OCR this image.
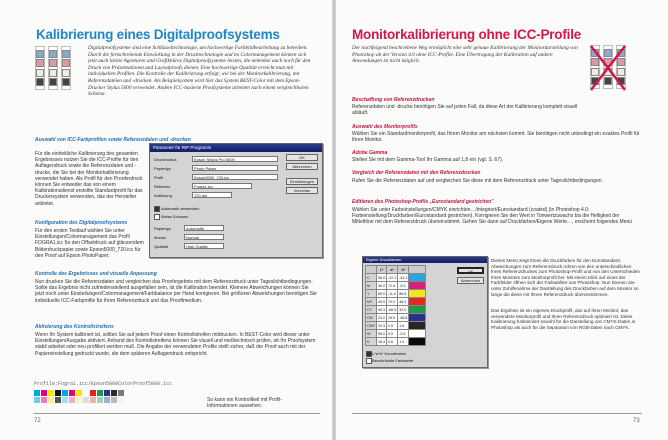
Kalibrierung eines Digitalproofsystems

Digitalproofsysteme sind eine Schlüsseltechnologie, um hochwertige Farbbildbearbeitung zu betreiben. Durch die fortschreitende Entwicklung in der Drucktechnologie und im Colormanagement können sich jetzt auch kleine Agenturen und Grafikbüros Digitalproofsysteme leisten, die nebenbei auch noch für den Druck von Präsentationen und Layoutproofs dienen. Eine hochwertige Qualität erreicht man mit individuellen Profilen. Die Kontrolle der Kalibrierung erfolgt, wie bei der Monitorkalibrierung, mit Referenzdateien und -drucken. Als Beispielsystem wird hier das System BEST-Color mit dem Epson-Drucker Stylus 5000 verwendet. Andere ICC-basierte Proofsysteme arbeiten nach einem vergleichbaren Schema.

Auswahl von ICC-Farbprofilen sowie Referenzdaten und -drucken

Für die einheitliche Kalibrierung des gesamten Ergebnisses nutzen Sie die ICC-Profile für den Auflagendruck sowie die Referenzdaten und -drucke, die Sie bei der Monitorkalibrierung verwendet haben. Als Profil für den Prooferdruck können Sie entweder das von einem Kalibrationsdienst erstellte Standardprofil für das Druckersystem verwenden, das der Hersteller anbietet.

Konfiguration des Digitalproofsystems

Für den ersten Testlauf wählen Sie unter Einstellungen/Colormanagement das Profil FOGRA1.icc für den Offsetdruck auf glänzendem Bilderdruckpapier sowie Epson5000_720.icc für den Proof auf Epson PhotoPaper.

Parameter für RIP Programm
Druckmodus	Epson Stylus Pro 5000
Papiertyp	Photo Paper
Profil	Epson5000_720.icc
Referenz	Fogra1.icc
Auflösung	720 dpi
OK
Abbrechen
Einstellungen
Vorschau
Automatik verwenden
Weiss Schwarz
Papiertyp	Automatik
Modus	Normal
Qualität	High Quality
Kontrolle des Ergebnisses und visuelle Anpassung

Nun drucken Sie die Referenzdaten und vergleichen das Proofergebnis mit dem Referenzdruck unter Tageslichtbedingungen. Sollte das Ergebnis nicht zufriedenstellend ausgefallen sein, ist die Kalibration beendet. Kleinere Abweichungen können Sie jetzt noch unter Einstellungen/Colormanagement/Farbbalance per Hand korrigieren. Bei größeren Abweichungen benötigen Sie individuelle ICC-Farbprofile für Ihren Referenzdruck und das Prooftmedium.

Aktivierung des Kontrollstreifens

Wenn Ihr System kalibriert ist, sollten Sie auf jedem Proof einen Kontrollstreifen mitdrucken. In BEST-Color wird dieser unter Einstellungen/Ausgabe aktiviert. Anhand des Kontrollstreifens können Sie visuell und meßtechnisch prüfen, ob Ihr Proofsystem stabil arbeitet oder neu profiliert werden muß. Die Angabe der verwendeten Profile stellt sicher, daß der Proof auch mit der Papiereinstellung gedruckt wurde, die dem späteren Auflagendruck entspricht.

Profile:Fogra1.icc/Epson5000ColorProof5000.icc

So kann ein Kontrollkeil mit Profil-Informationen aussehen.

72
Monitorkalibrierung ohne ICC-Profile

Der nachfolgend beschriebene Weg ermöglicht eine sehr genaue Kalibrierung der Monitordarstellung von Photoshop ab der Version 4.0 ohne ICC-Profile. Eine Übertragung der Kalibration auf andere Anwendungen ist nicht möglich.

Beschaffung von Referenzdrucken

Referenzdaten und -drucke benötigen Sie auf jeden Fall, da diese Art der Kalibrierung komplett visuell abläuft.

Auswahl des Monitorprofils

Wählen Sie ein Standardmonitorprofil, das Ihrem Monitor am nächsten kommt. Sie benötigen nicht unbedingt ein exaktes Profil für Ihren Monitor.

Adobe Gamma

Stellen Sie mit dem Gamma-Tool Ihr Gamma auf 1,8 ein (vgl. S. 67).

Vergleich der Referenzdaten mit den Referenzdrucken

Rufen Sie die Referenzdaten auf und vergleichen Sie diese mit dem Referenzdruck unter Tageslichtbedingungen.

Editieren des Photoshop-Profils „Eurostandard gestrichen"

Wählen Sie unter Farbeinstellungen/CMYK einrichten…/integriert/Eurostandard (coated) (in Photoshop 4.0: Farbeinstellung/Druckfarben/Eurostandard gestrichen). Korrigieren Sie den Wert in Tonwertzuwachs bis die Helligkeit der Mitteltöne mit dem Referenzdruck übereinstimmt. Gehen Sie dann auf Druckfarben/Eigene Werte…, erscheint folgendes Menü

Eigene Druckfarben
	L*	a*	b*	
C	58.0	-22.1	-41.3	
M	46.0	72.8	-9.0	
Y	89.0	-11.0	86.8	
MY	45.5	70.0	46.0	
CY	49.3	-66.5	32.0	
CM	23.0	25.0	-48.8	
CMY	20.3	0.5	1.6	
W	95.0	0.5	-2.5	
K	18.4	0.6	1.5	
OK
Abbrechen
L*a*b* Koordinaten
Beschränkte Farbwerte

Dieses Menü zeigt Ihnen die Druckfarben für den Eurostandard. Abweichungen zum Referenzdruck rühren von den unterschiedlichen Ihres Referenzdruckes zum Photoshop-Profil und von den Unterschieden Ihres Monitors zum Monitorprofil her. Mit einem Klick auf eines der Farbfelder öffnen sich der Farbwähler von Photoshop. Nun können Sie unter Zuhilfenahme der Darstellung des Druckfarben auf dem Monitor so lange die diese mit Ihrem Referenzdruck übereinstimmen.

Das Ergebnis ist ein eigenes Druckprofil, das auf Ihren Monitor, das verwendete Monitorprofil und Ihren Referenzdruck optimiert ist. Diese Kalibrierung funktioniert sowohl für die Darstellung von CMYK-Daten in Photoshop als auch für die Separation von RGB-Daten nach CMYK.

73
